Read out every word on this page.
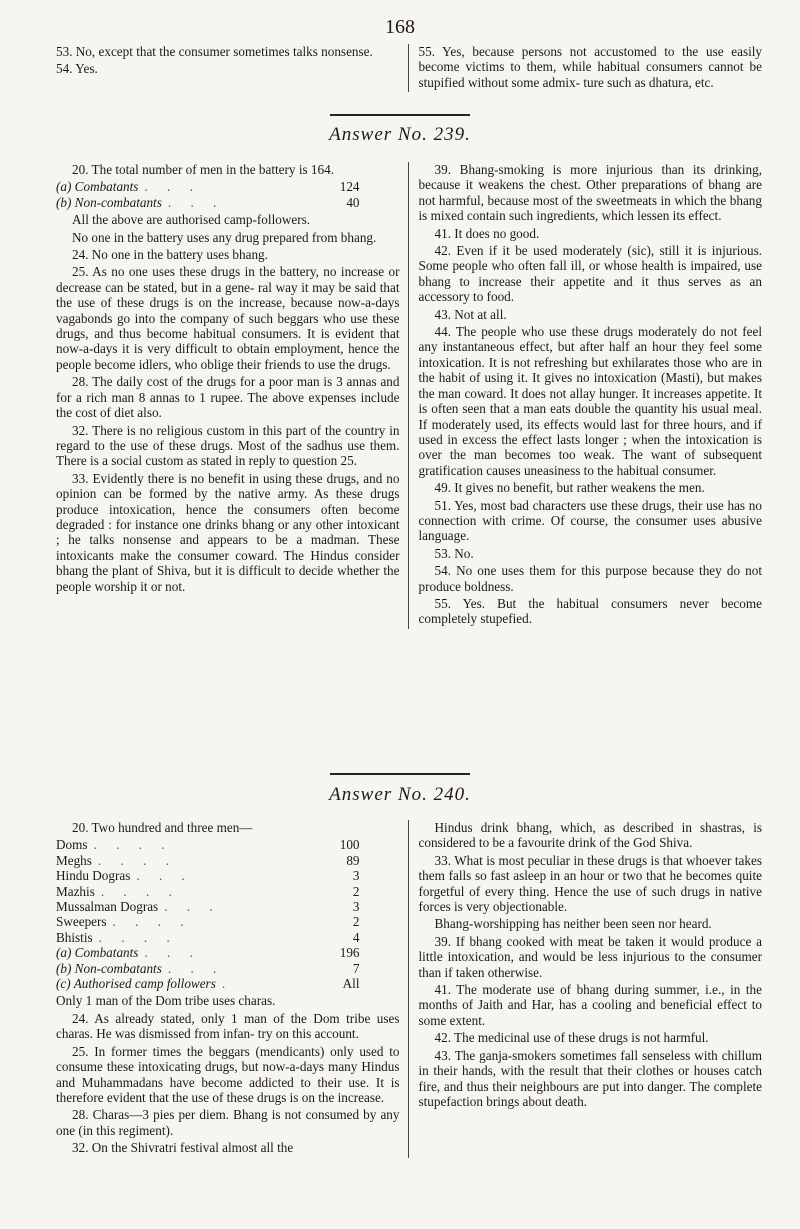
168

53. No, except that the consumer sometimes talks nonsense.

54. Yes.

55. Yes, because persons not accustomed to the use easily become victims to them, while habitual consumers cannot be stupified without some admix- ture such as dhatura, etc.

Answer No. 239.

20. The total number of men in the battery is 164.

(a) Combatants . . .	124
(b) Non-combatants . . .	40

All the above are authorised camp-followers.

No one in the battery uses any drug prepared from bhang.

24. No one in the battery uses bhang.

25. As no one uses these drugs in the battery, no increase or decrease can be stated, but in a gene- ral way it may be said that the use of these drugs is on the increase, because now-a-days vagabonds go into the company of such beggars who use these drugs, and thus become habitual consumers. It is evident that now-a-days it is very difficult to obtain employment, hence the people become idlers, who oblige their friends to use the drugs.

28. The daily cost of the drugs for a poor man is 3 annas and for a rich man 8 annas to 1 rupee. The above expenses include the cost of diet also.

32. There is no religious custom in this part of the country in regard to the use of these drugs. Most of the sadhus use them. There is a social custom as stated in reply to question 25.

33. Evidently there is no benefit in using these drugs, and no opinion can be formed by the native army. As these drugs produce intoxication, hence the consumers often become degraded : for instance one drinks bhang or any other intoxicant ; he talks nonsense and appears to be a madman. These intoxicants make the consumer coward. The Hindus consider bhang the plant of Shiva, but it is difficult to decide whether the people worship it or not.

39. Bhang-smoking is more injurious than its drinking, because it weakens the chest. Other preparations of bhang are not harmful, because most of the sweetmeats in which the bhang is mixed contain such ingredients, which lessen its effect.

41. It does no good.

42. Even if it be used moderately (sic), still it is injurious. Some people who often fall ill, or whose health is impaired, use bhang to increase their appetite and it thus serves as an accessory to food.

43. Not at all.

44. The people who use these drugs moderately do not feel any instantaneous effect, but after half an hour they feel some intoxication. It is not refreshing but exhilarates those who are in the habit of using it. It gives no intoxication (Masti), but makes the man coward. It does not allay hunger. It increases appetite. It is often seen that a man eats double the quantity his usual meal. If moderately used, its effects would last for three hours, and if used in excess the effect lasts longer ; when the intoxication is over the man becomes too weak. The want of subsequent gratification causes uneasiness to the habitual consumer.

49. It gives no benefit, but rather weakens the men.

51. Yes, most bad characters use these drugs, their use has no connection with crime. Of course, the consumer uses abusive language.

53. No.

54. No one uses them for this purpose because they do not produce boldness.

55. Yes. But the habitual consumers never become completely stupefied.

Answer No. 240.

20. Two hundred and three men—

Doms . . . .	100
Meghs . . . .	89
Hindu Dogras . . .	3
Mazhis . . . .	2
Mussalman Dogras . . .	3
Sweepers . . . .	2
Bhistis . . . .	4
(a) Combatants . . .	196
(b) Non-combatants . . .	7
(c) Authorised camp followers .	All

Only 1 man of the Dom tribe uses charas.

24. As already stated, only 1 man of the Dom tribe uses charas. He was dismissed from infan- try on this account.

25. In former times the beggars (mendicants) only used to consume these intoxicating drugs, but now-a-days many Hindus and Muhammadans have become addicted to their use. It is therefore evident that the use of these drugs is on the increase.

28. Charas—3 pies per diem. Bhang is not consumed by any one (in this regiment).

32. On the Shivratri festival almost all the

Hindus drink bhang, which, as described in shastras, is considered to be a favourite drink of the God Shiva.

33. What is most peculiar in these drugs is that whoever takes them falls so fast asleep in an hour or two that he becomes quite forgetful of every thing. Hence the use of such drugs in native forces is very objectionable.

Bhang-worshipping has neither been seen nor heard.

39. If bhang cooked with meat be taken it would produce a little intoxication, and would be less injurious to the consumer than if taken otherwise.

41. The moderate use of bhang during summer, i.e., in the months of Jaith and Har, has a cooling and beneficial effect to some extent.

42. The medicinal use of these drugs is not harmful.

43. The ganja-smokers sometimes fall senseless with chillum in their hands, with the result that their clothes or houses catch fire, and thus their neighbours are put into danger. The complete stupefaction brings about death.
